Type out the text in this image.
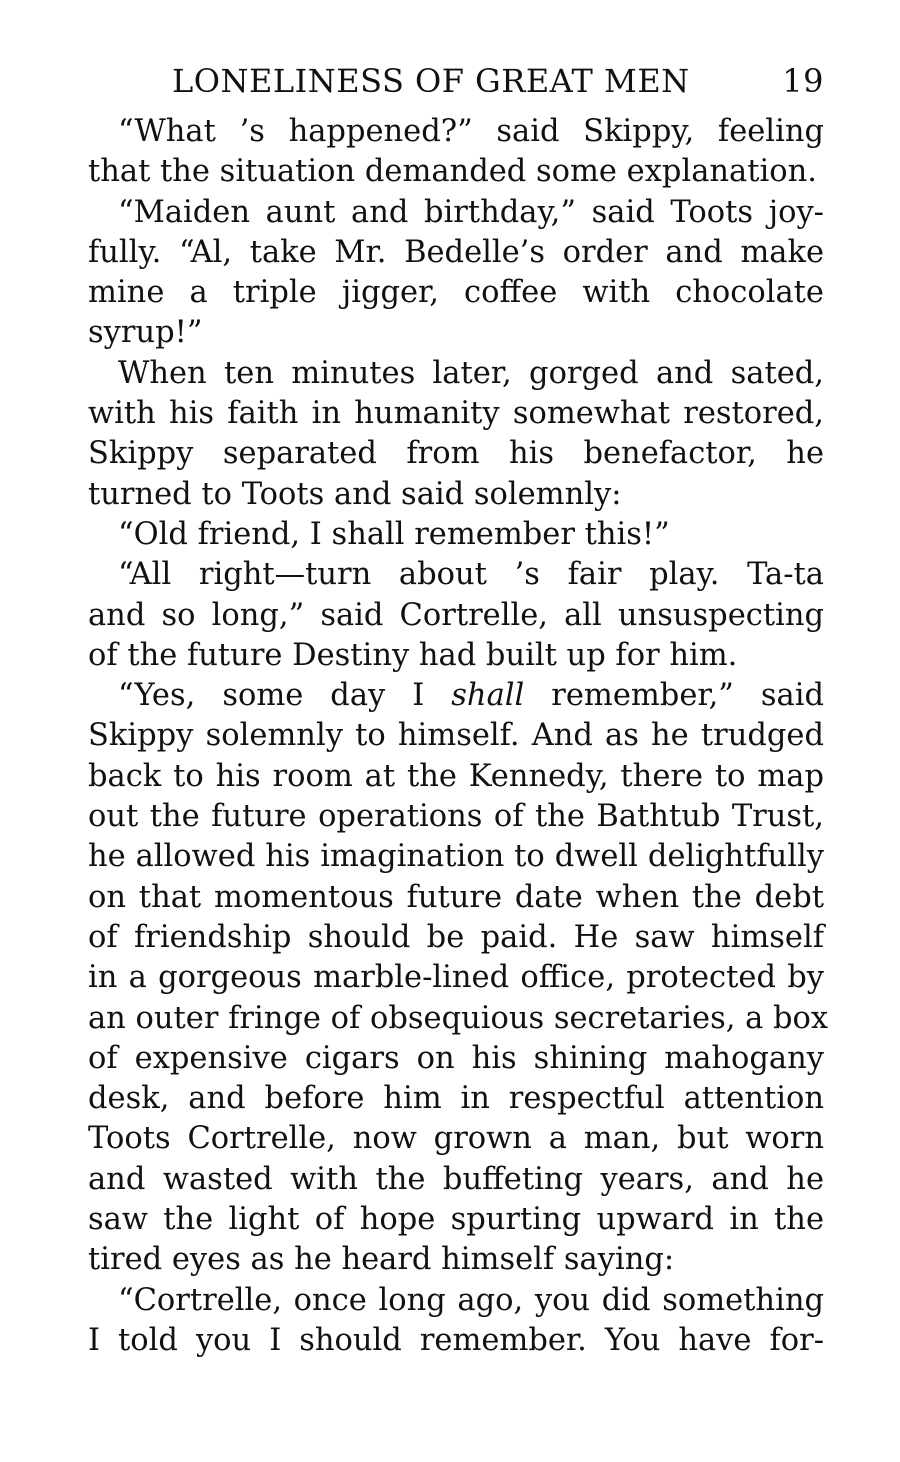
LONELINESS OF GREAT MEN	19

“What ’s happened?” said Skippy, feeling
that the situation demanded some explanation.

“Maiden aunt and birthday,” said Toots joy-
fully. “Al, take Mr. Bedelle’s order and make
mine a triple jigger, coffee with chocolate
syrup!”

When ten minutes later, gorged and sated,
with his faith in humanity somewhat restored,
Skippy separated from his benefactor, he
turned to Toots and said solemnly:

“Old friend, I shall remember this!”

“All right—turn about ’s fair play. Ta-ta
and so long,” said Cortrelle, all unsuspecting
of the future Destiny had built up for him.

“Yes, some day I shall remember,” said
Skippy solemnly to himself. And as he trudged
back to his room at the Kennedy, there to map
out the future operations of the Bathtub Trust,
he allowed his imagination to dwell delightfully
on that momentous future date when the debt
of friendship should be paid. He saw himself
in a gorgeous marble-lined office, protected by
an outer fringe of obsequious secretaries, a box
of expensive cigars on his shining mahogany
desk, and before him in respectful attention
Toots Cortrelle, now grown a man, but worn
and wasted with the buffeting years, and he
saw the light of hope spurting upward in the
tired eyes as he heard himself saying:

“Cortrelle, once long ago, you did something
I told you I should remember. You have for-
